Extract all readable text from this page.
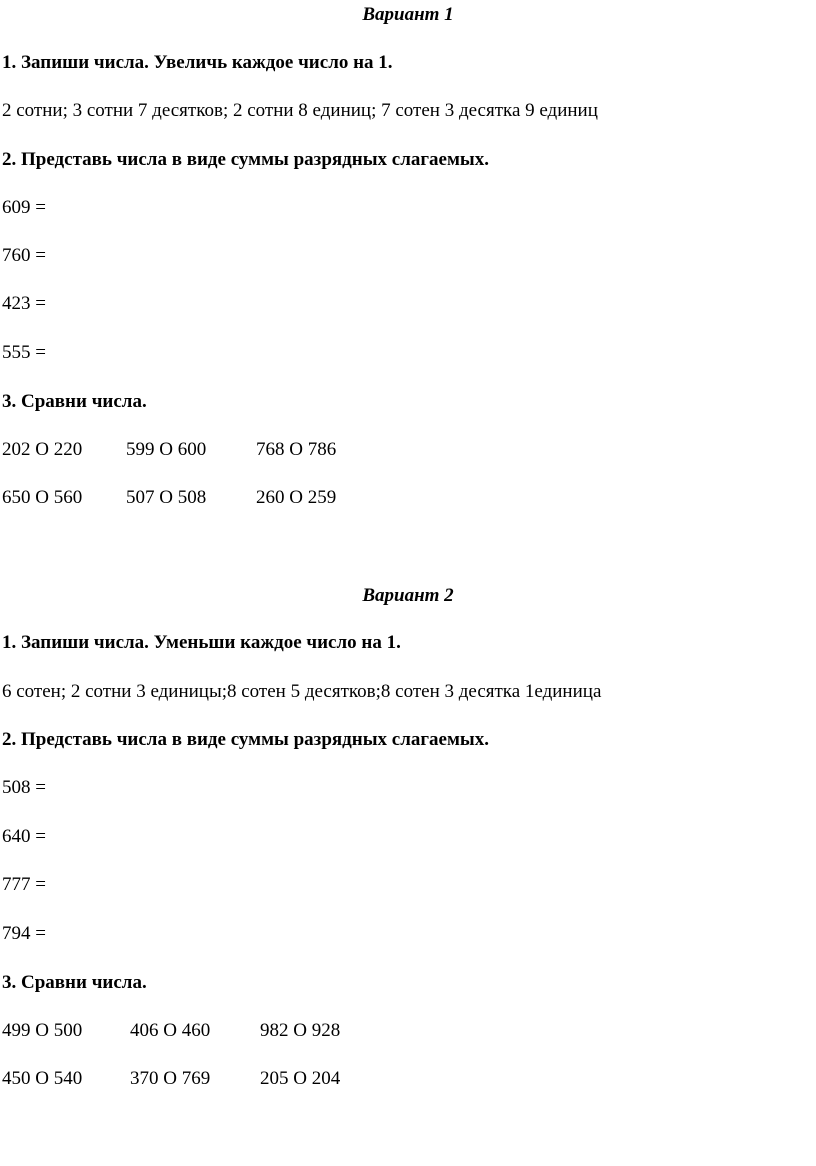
Вариант 1
1. Запиши числа. Увеличь каждое число на 1.
2 сотни; 3 сотни 7 десятков; 2 сотни 8 единиц; 7 сотен 3 десятка 9 единиц
2. Представь числа в виде суммы разрядных слагаемых.
609 =
760 =
423 =
555 =
3. Сравни числа.
202 О 220 599 О 600	768 О 786
650 О 560 507 О 508	260 О 259
Вариант 2
1. Запиши числа. Уменьши каждое число на 1.
6 сотен; 2 сотни 3 единицы;8 сотен 5 десятков;8 сотен 3 десятка 1единица
2. Представь числа в виде суммы разрядных слагаемых.
508 =
640 =
777 =
794 =
3. Сравни числа.
499 О 500	406 О 460	982 О 928
450 О 540	370 О 769	205 О 204
